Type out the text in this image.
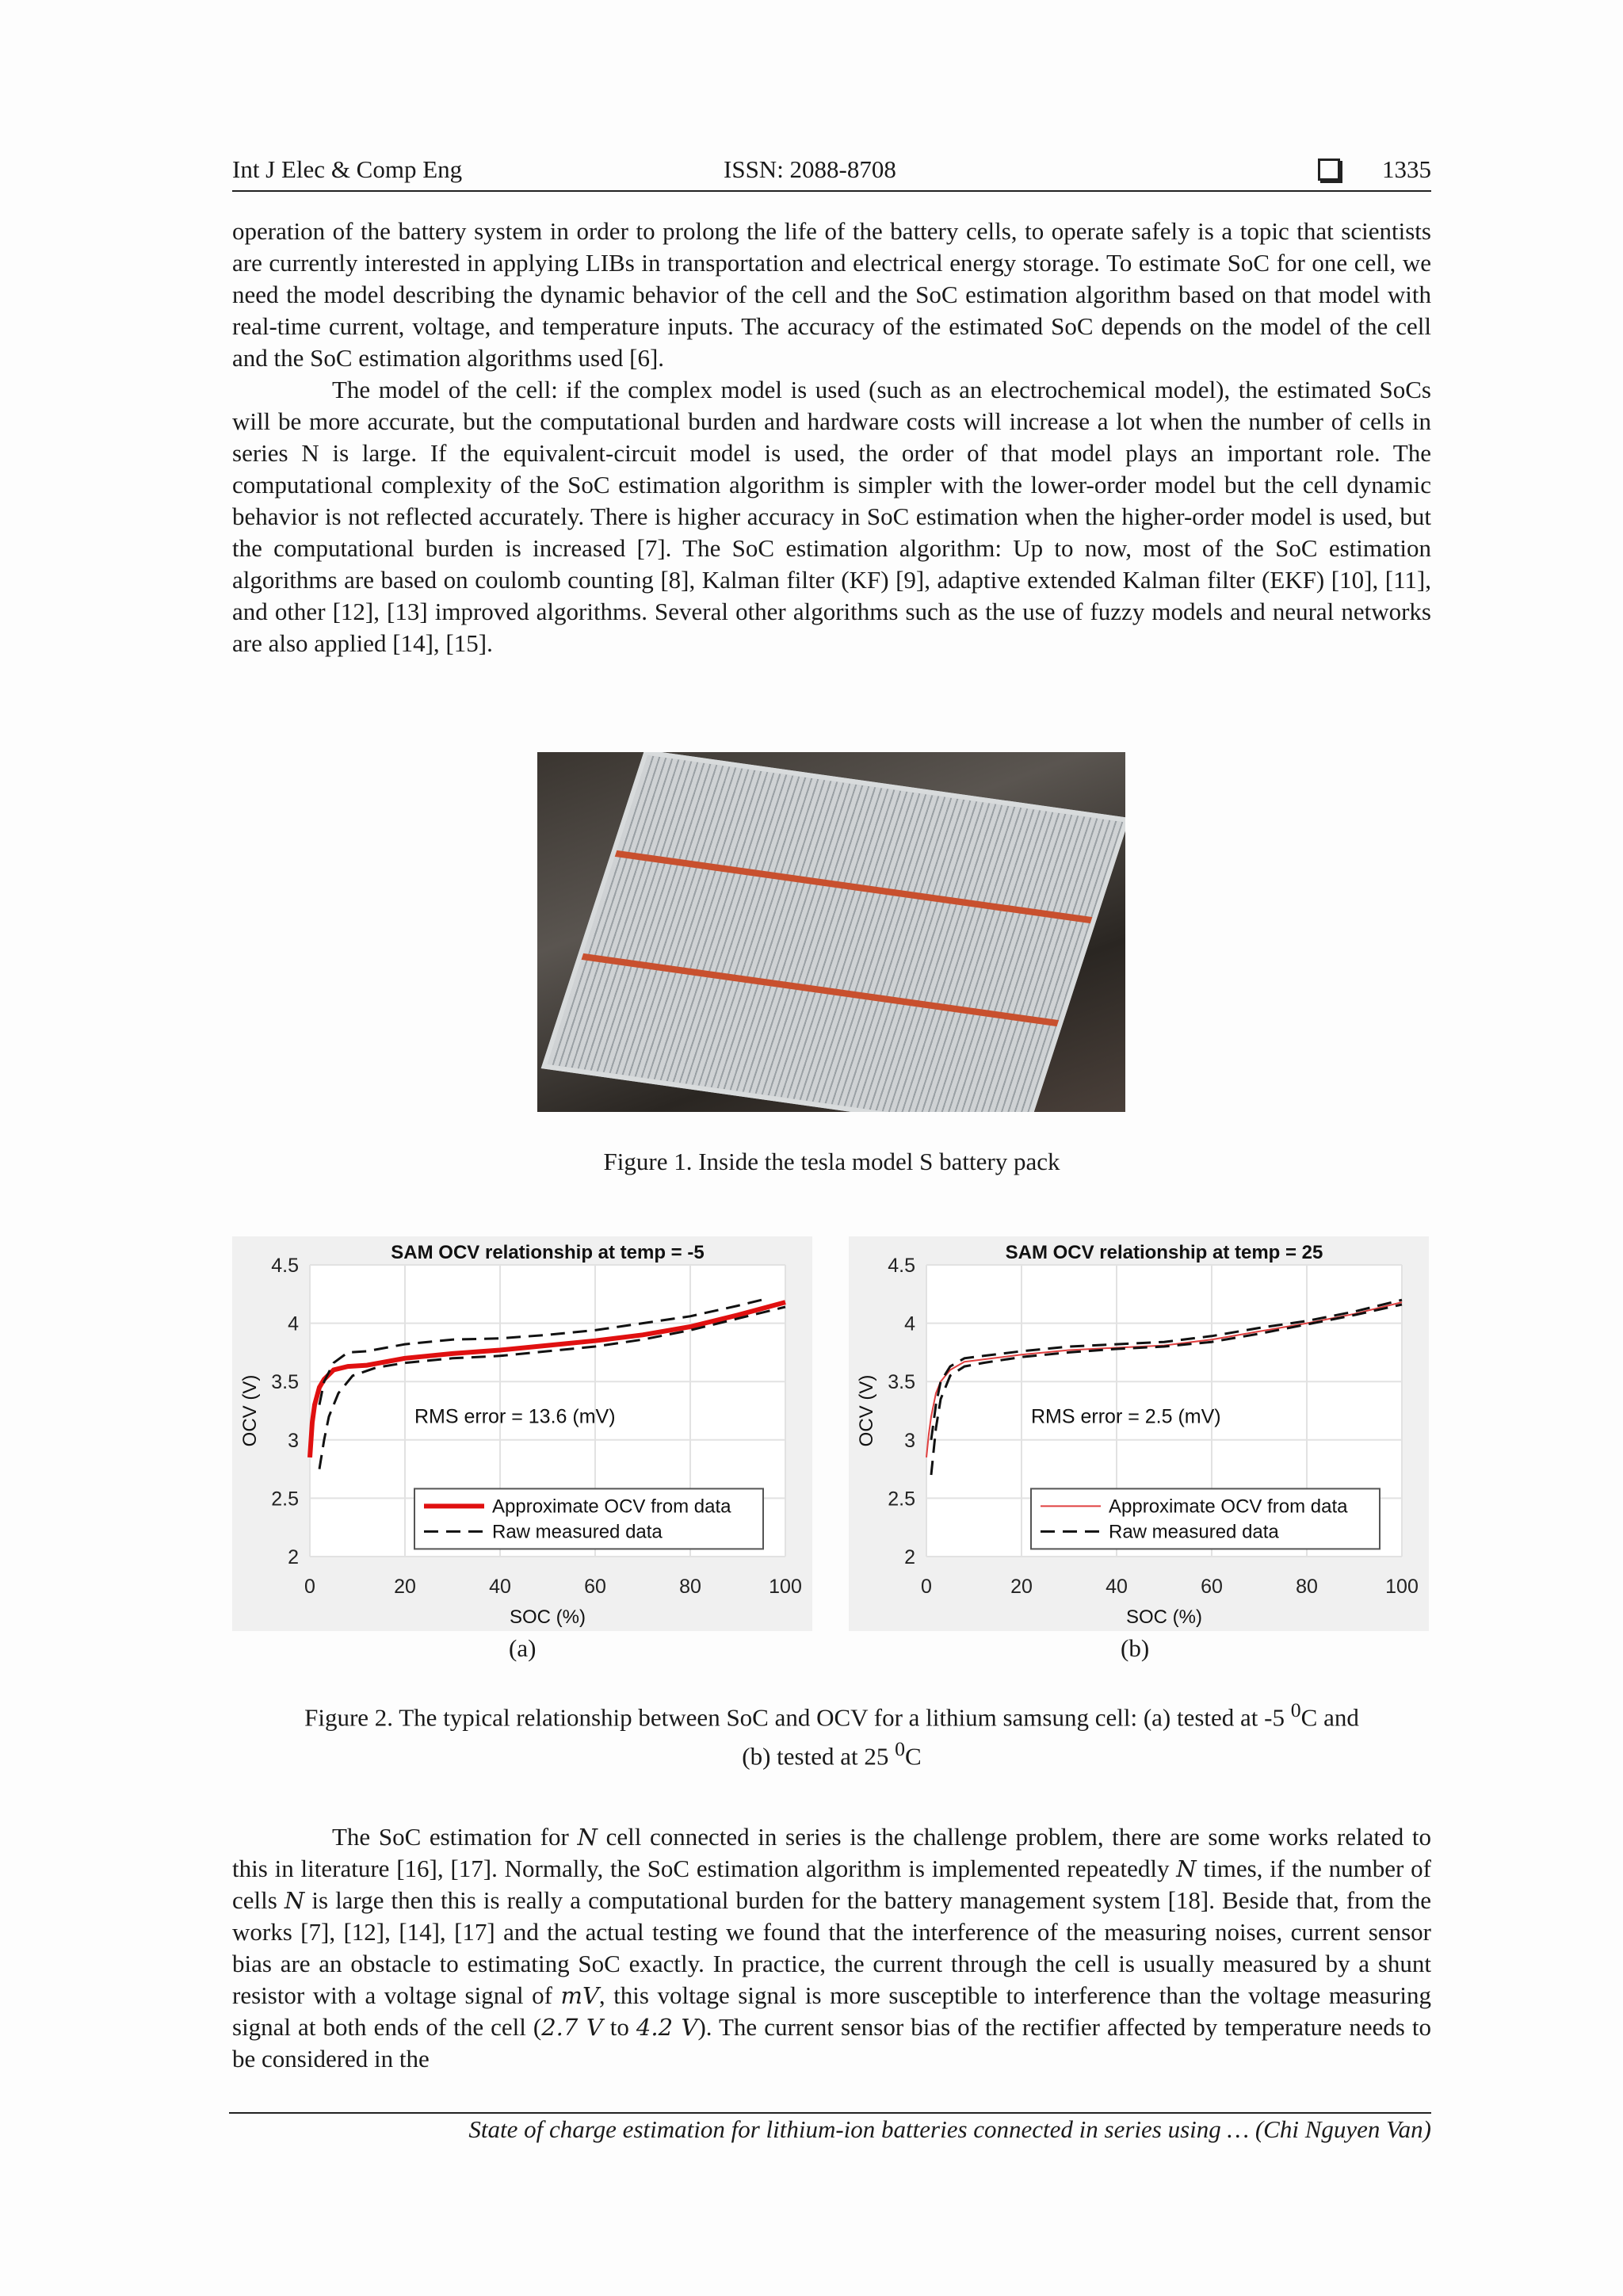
Int J Elec & Comp Eng	ISSN: 2088-8708	1335

operation of the battery system in order to prolong the life of the battery cells, to operate safely is a topic that scientists are currently interested in applying LIBs in transportation and electrical energy storage. To estimate SoC for one cell, we need the model describing the dynamic behavior of the cell and the SoC estimation algorithm based on that model with real-time current, voltage, and temperature inputs. The accuracy of the estimated SoC depends on the model of the cell and the SoC estimation algorithms used [6].

The model of the cell: if the complex model is used (such as an electrochemical model), the estimated SoCs will be more accurate, but the computational burden and hardware costs will increase a lot when the number of cells in series N is large. If the equivalent-circuit model is used, the order of that model plays an important role. The computational complexity of the SoC estimation algorithm is simpler with the lower-order model but the cell dynamic behavior is not reflected accurately. There is higher accuracy in SoC estimation when the higher-order model is used, but the computational burden is increased [7]. The SoC estimation algorithm: Up to now, most of the SoC estimation algorithms are based on coulomb counting [8], Kalman filter (KF) [9], adaptive extended Kalman filter (EKF) [10], [11], and other [12], [13] improved algorithms. Several other algorithms such as the use of fuzzy models and neural networks are also applied [14], [15].

Figure 1. Inside the tesla model S battery pack
0	20	40	60	80	100
2
2.5
3
3.5
4
4.5
SAM OCV relationship at temp = -5
SOC (%)
OCV (V)	RMS error = 13.6 (mV)
Approximate OCV from data
Raw measured data
0	20	40	60	80	100
2
2.5
3
3.5
4
4.5
SAM OCV relationship at temp = 25
SOC (%)
OCV (V)	RMS error = 2.5 (mV)
Approximate OCV from data
Raw measured data
(a)	(b)
Figure 2. The typical relationship between SoC and OCV for a lithium samsung cell: (a) tested at -5 $^0$C and
(b) tested at 25 $^0$C

The SoC estimation for N cell connected in series is the challenge problem, there are some works related to this in literature [16], [17]. Normally, the SoC estimation algorithm is implemented repeatedly N times, if the number of cells N is large then this is really a computational burden for the battery management system [18]. Beside that, from the works [7], [12], [14], [17] and the actual testing we found that the interference of the measuring noises, current sensor bias are an obstacle to estimating SoC exactly. In practice, the current through the cell is usually measured by a shunt resistor with a voltage signal of mV, this voltage signal is more susceptible to interference than the voltage measuring signal at both ends of the cell (2.7 V to 4.2 V). The current sensor bias of the rectifier affected by temperature needs to be considered in the

State of charge estimation for lithium-ion batteries connected in series using … (Chi Nguyen Van)
